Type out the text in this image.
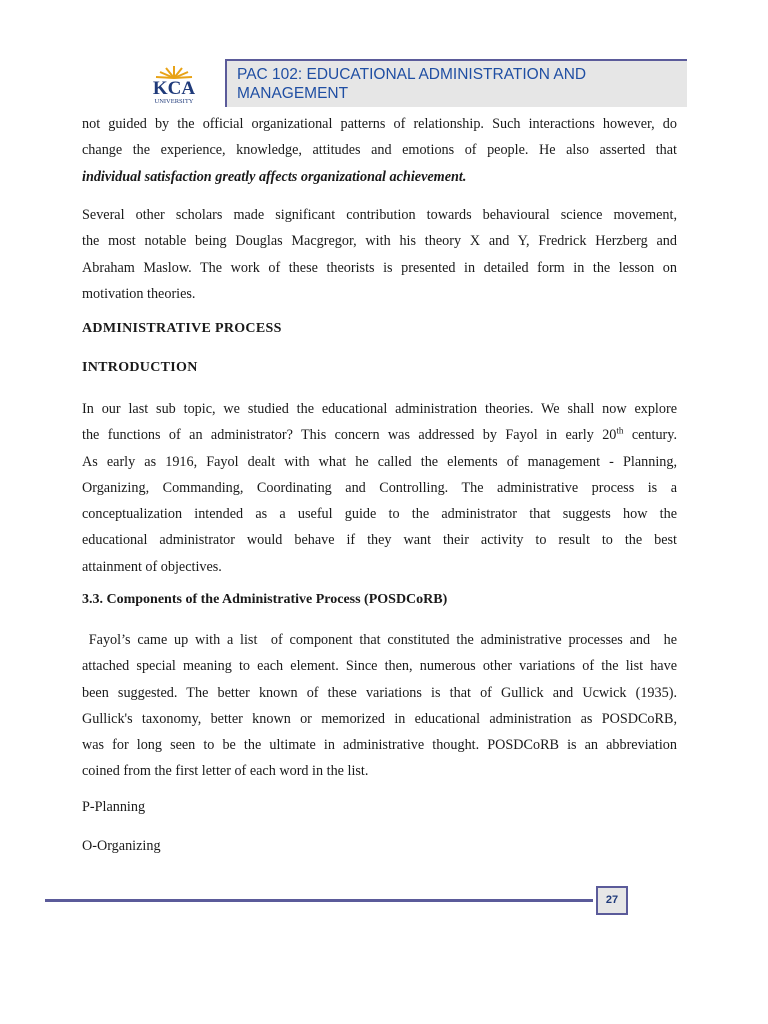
KCA
UNIVERSITY
PAC 102: EDUCATIONAL ADMINISTRATION AND MANAGEMENT
not guided by the official organizational patterns of relationship. Such interactions however, do
change the experience, knowledge, attitudes and emotions of people. He also asserted that
individual satisfaction greatly affects organizational achievement.
Several other scholars made significant contribution towards behavioural science movement,
the most notable being Douglas Macgregor, with his theory X and Y, Fredrick Herzberg and
Abraham Maslow. The work of these theorists is presented in detailed form in the lesson on
motivation theories.
ADMINISTRATIVE PROCESS
INTRODUCTION
In our last sub topic, we studied the educational administration theories. We shall now explore
the functions of an administrator? This concern was addressed by Fayol in early 20th century.
As early as 1916, Fayol dealt with what he called the elements of management - Planning,
Organizing, Commanding, Coordinating and Controlling. The administrative process is a
conceptualization intended as a useful guide to the administrator that suggests how the
educational administrator would behave if they want their activity to result to the best
attainment of objectives.
3.3. Components of the Administrative Process (POSDCoRB)
Fayol’s came up with a list  of component that constituted the administrative processes and  he
attached special meaning to each element. Since then, numerous other variations of the list have
been suggested. The better known of these variations is that of Gullick and Ucwick (1935).
Gullick's taxonomy, better known or memorized in educational administration as POSDCoRB,
was for long seen to be the ultimate in administrative thought. POSDCoRB is an abbreviation
coined from the first letter of each word in the list.
P-Planning
O-Organizing
27
